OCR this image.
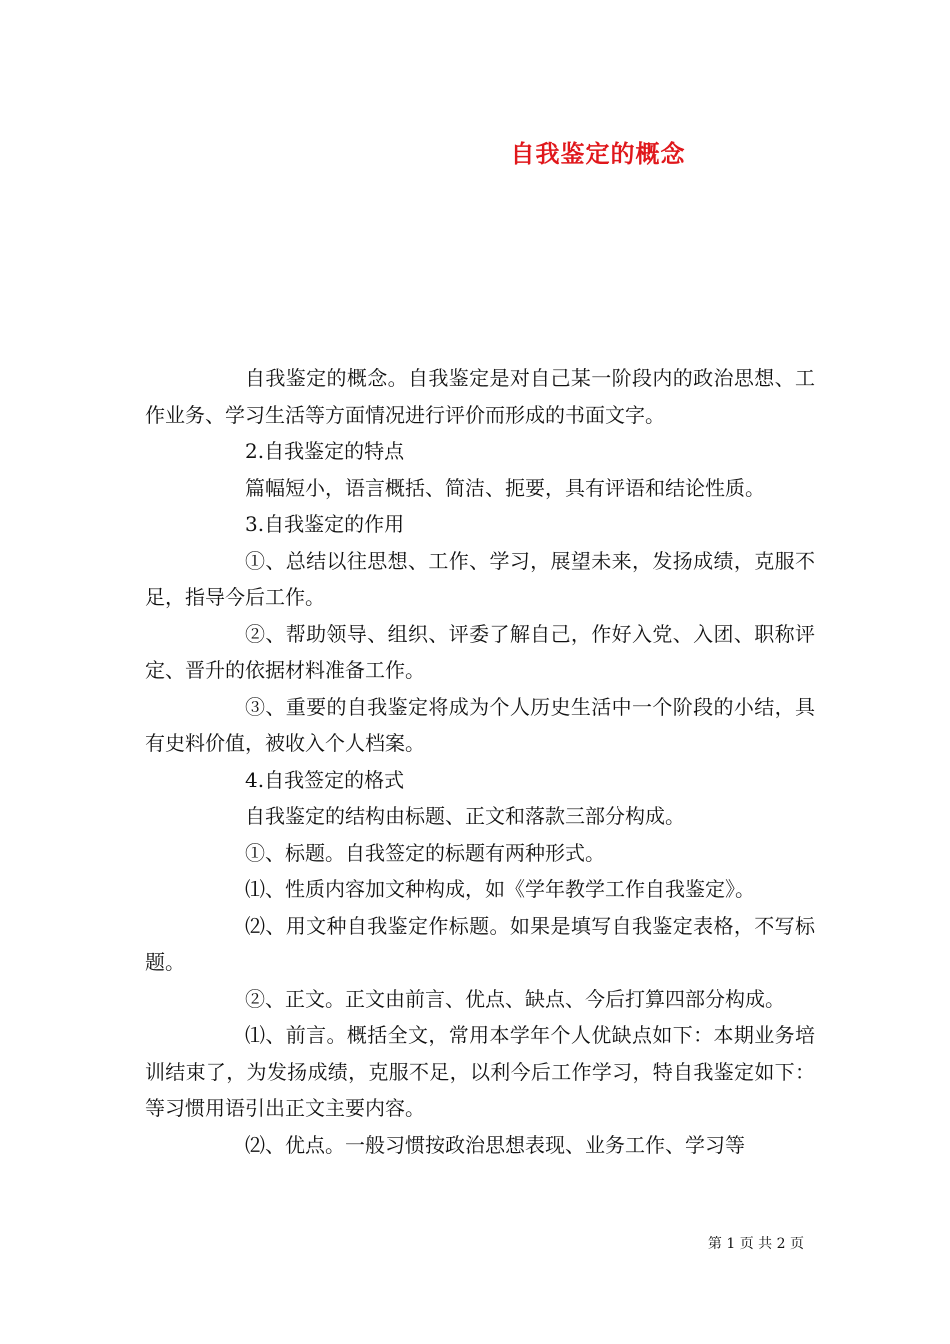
自我鉴定的概念

自我鉴定的概念。自我鉴定是对自己某一阶段内的政治思想、工作业务、学习生活等方面情况进行评价而形成的书面文字。

2.自我鉴定的特点

篇幅短小，语言概括、简洁、扼要，具有评语和结论性质。

3.自我鉴定的作用

①、总结以往思想、工作、学习，展望未来，发扬成绩，克服不足，指导今后工作。

②、帮助领导、组织、评委了解自己，作好入党、入团、职称评定、晋升的依据材料准备工作。

③、重要的自我鉴定将成为个人历史生活中一个阶段的小结，具有史料价值，被收入个人档案。

4.自我签定的格式

自我鉴定的结构由标题、正文和落款三部分构成。

①、标题。自我签定的标题有两种形式。

⑴、性质内容加文种构成，如《学年教学工作自我鉴定》。

⑵、用文种自我鉴定作标题。如果是填写自我鉴定表格，不写标题。

②、正文。正文由前言、优点、缺点、今后打算四部分构成。

⑴、前言。概括全文，常用本学年个人优缺点如下：本期业务培训结束了，为发扬成绩，克服不足，以利今后工作学习，特自我鉴定如下：等习惯用语引出正文主要内容。

⑵、优点。一般习惯按政治思想表现、业务工作、学习等

第 1 页 共 2 页
